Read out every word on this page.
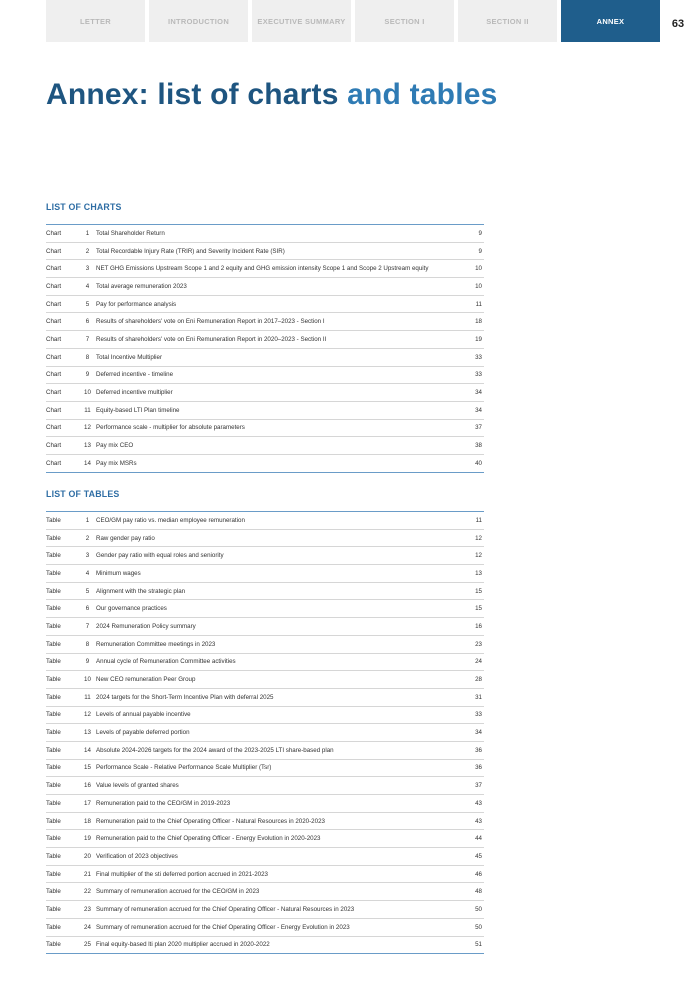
LETTER	INTRODUCTION	EXECUTIVE SUMMARY	SECTION I	SECTION II	ANNEX	63
Annex: list of charts and tables
LIST OF CHARTS
Chart	1	Total Shareholder Return	9
Chart	2	Total Recordable Injury Rate (TRIR) and Severity Incident Rate (SIR)	9
Chart	3	NET GHG Emissions Upstream Scope 1 and 2 equity and GHG emission intensity Scope 1 and Scope 2 Upstream equity	10
Chart	4	Total average remuneration 2023	10
Chart	5	Pay for performance analysis	11
Chart	6	Results of shareholders' vote on Eni Remuneration Report in 2017–2023 - Section I	18
Chart	7	Results of shareholders' vote on Eni Remuneration Report in 2020–2023 - Section II	19
Chart	8	Total Incentive Multiplier	33
Chart	9	Deferred incentive - timeline	33
Chart	10 Deferred incentive multiplier	34
Chart	11 Equity-based LTI Plan timeline	34
Chart	12 Performance scale - multiplier for absolute parameters	37
Chart	13 Pay mix CEO	38
Chart	14 Pay mix MSRs	40
LIST OF TABLES
Table	1	CEO/GM pay ratio vs. median employee remuneration	11
Table	2	Raw gender pay ratio	12
Table	3	Gender pay ratio with equal roles and seniority	12
Table	4	Minimum wages	13
Table	5	Alignment with the strategic plan	15
Table	6	Our governance practices	15
Table	7	2024 Remuneration Policy summary	16
Table	8	Remuneration Committee meetings in 2023	23
Table	9	Annual cycle of Remuneration Committee activities	24
Table	10 New CEO remuneration Peer Group	28
Table	11 2024 targets for the Short-Term Incentive Plan with deferral 2025	31
Table	12 Levels of annual payable incentive	33
Table	13 Levels of payable deferred portion	34
Table	14 Absolute 2024-2026 targets for the 2024 award of the 2023-2025 LTI share-based plan	36
Table	15 Performance Scale - Relative Performance Scale Multiplier (Tsr)	36
Table	16 Value levels of granted shares	37
Table	17 Remuneration paid to the CEO/GM in 2019-2023	43
Table	18 Remuneration paid to the Chief Operating Officer - Natural Resources in 2020-2023	43
Table	19 Remuneration paid to the Chief Operating Officer - Energy Evolution in 2020-2023	44
Table	20 Verification of 2023 objectives	45
Table	21 Final multiplier of the sti deferred portion accrued in 2021-2023	46
Table	22 Summary of remuneration accrued for the CEO/GM in 2023	48
Table	23 Summary of remuneration accrued for the Chief Operating Officer - Natural Resources in 2023	50
Table	24 Summary of remuneration accrued for the Chief Operating Officer - Energy Evolution in 2023	50
Table	25 Final equity-based lti plan 2020 multiplier accrued in 2020-2022	51
